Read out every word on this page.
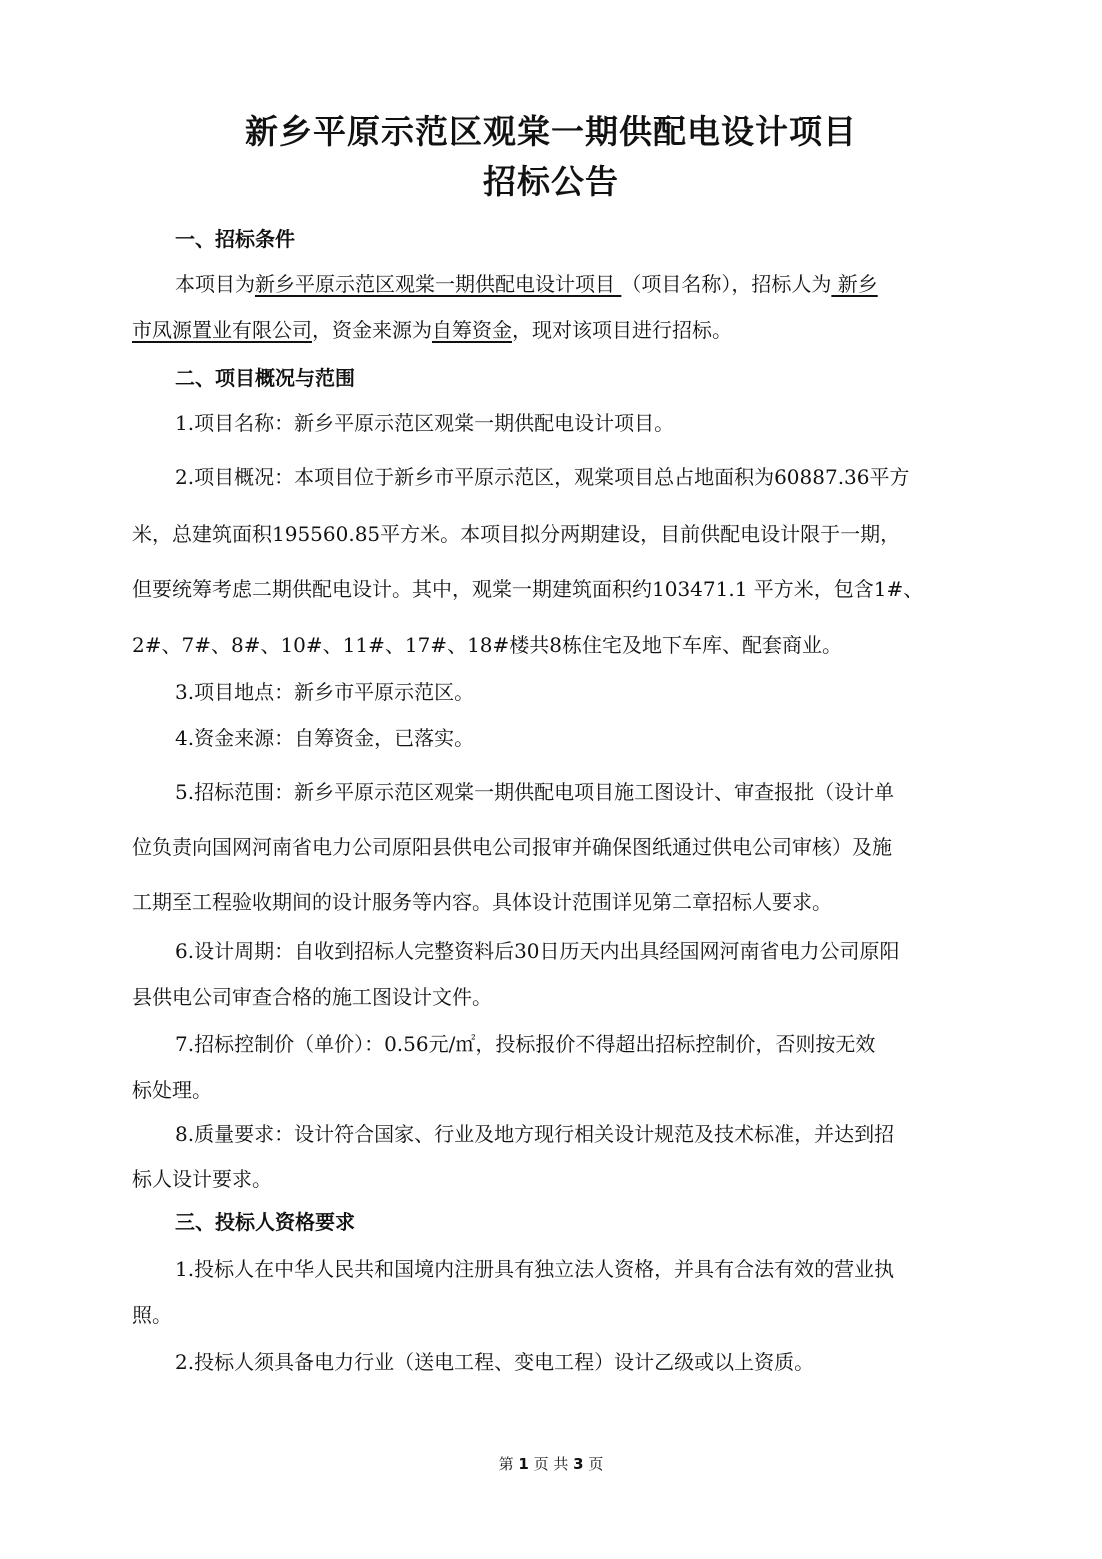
新乡平原示范区观棠一期供配电设计项目
招标公告
一、招标条件
本项目为新乡平原示范区观棠一期供配电设计项目 （项目名称），招标人为 新乡
市凤源置业有限公司，资金来源为自筹资金，现对该项目进行招标。
二、项目概况与范围
1.项目名称：新乡平原示范区观棠一期供配电设计项目。
2.项目概况：本项目位于新乡市平原示范区，观棠项目总占地面积为60887.36平方
米，总建筑面积195560.85平方米。本项目拟分两期建设，目前供配电设计限于一期，
但要统筹考虑二期供配电设计。其中，观棠一期建筑面积约103471.1 平方米，包含1#、
2#、7#、8#、10#、11#、17#、18#楼共8栋住宅及地下车库、配套商业。
3.项目地点：新乡市平原示范区。
4.资金来源：自筹资金，已落实。
5.招标范围：新乡平原示范区观棠一期供配电项目施工图设计、审查报批（设计单
位负责向国网河南省电力公司原阳县供电公司报审并确保图纸通过供电公司审核）及施
工期至工程验收期间的设计服务等内容。具体设计范围详见第二章招标人要求。
6.设计周期：自收到招标人完整资料后30日历天内出具经国网河南省电力公司原阳
县供电公司审查合格的施工图设计文件。
7.招标控制价（单价）：0.56元/㎡，投标报价不得超出招标控制价，否则按无效
标处理。
8.质量要求：设计符合国家、行业及地方现行相关设计规范及技术标准，并达到招
标人设计要求。
三、投标人资格要求
1.投标人在中华人民共和国境内注册具有独立法人资格，并具有合法有效的营业执
照。
2.投标人须具备电力行业（送电工程、变电工程）设计乙级或以上资质。
第 1 页 共 3 页
